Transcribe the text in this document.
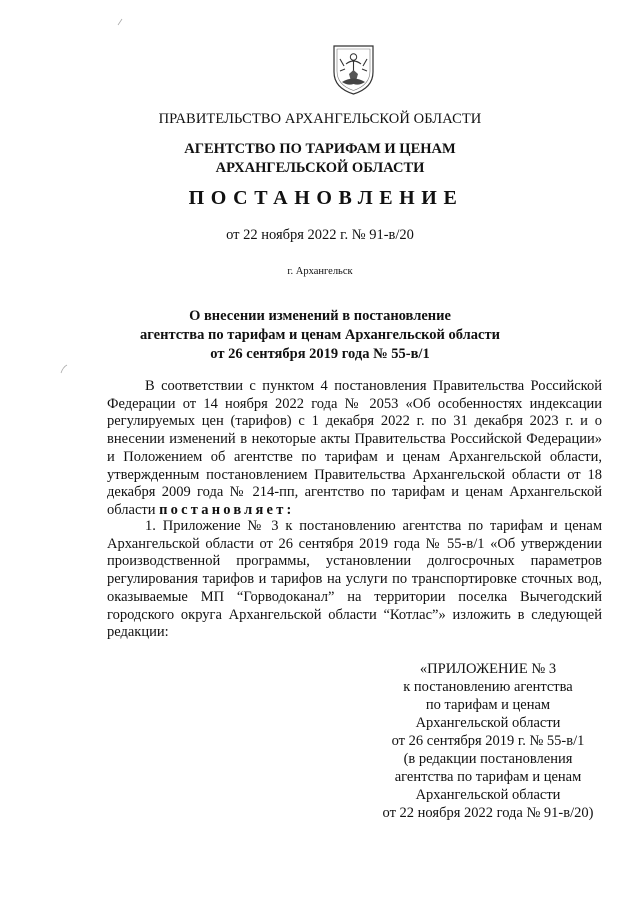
ПРАВИТЕЛЬСТВО АРХАНГЕЛЬСКОЙ ОБЛАСТИ
АГЕНТСТВО ПО ТАРИФАМ И ЦЕНАМ
АРХАНГЕЛЬСКОЙ ОБЛАСТИ
ПОСТАНОВЛЕНИЕ
от 22 ноября 2022 г. № 91-в/20
г. Архангельск
О внесении изменений в постановление
агентства по тарифам и ценам Архангельской области
от 26 сентября 2019 года № 55-в/1
В соответствии с пунктом 4 постановления Правительства Российской Федерации от 14 ноября 2022 года № 2053 «Об особенностях индексации регулируемых цен (тарифов) с 1 декабря 2022 г. по 31 декабря 2023 г. и о внесении изменений в некоторые акты Правительства Российской Федерации» и Положением об агентстве по тарифам и ценам Архангельской области, утвержденным постановлением Правительства Архангельской области от 18 декабря 2009 года № 214-пп, агентство по тарифам и ценам Архангельской области постановляет:
1. Приложение № 3 к постановлению агентства по тарифам и ценам Архангельской области от 26 сентября 2019 года № 55-в/1 «Об утверждении производственной программы, установлении долгосрочных параметров регулирования тарифов и тарифов на услуги по транспортировке сточных вод, оказываемые МП “Горводоканал” на территории поселка Вычегодский городского округа Архангельской области “Котлас”» изложить в следующей редакции:
«ПРИЛОЖЕНИЕ № 3
к постановлению агентства
по тарифам и ценам
Архангельской области
от 26 сентября 2019 г. № 55-в/1
(в редакции постановления
агентства по тарифам и ценам
Архангельской области
от 22 ноября 2022 года № 91-в/20)
